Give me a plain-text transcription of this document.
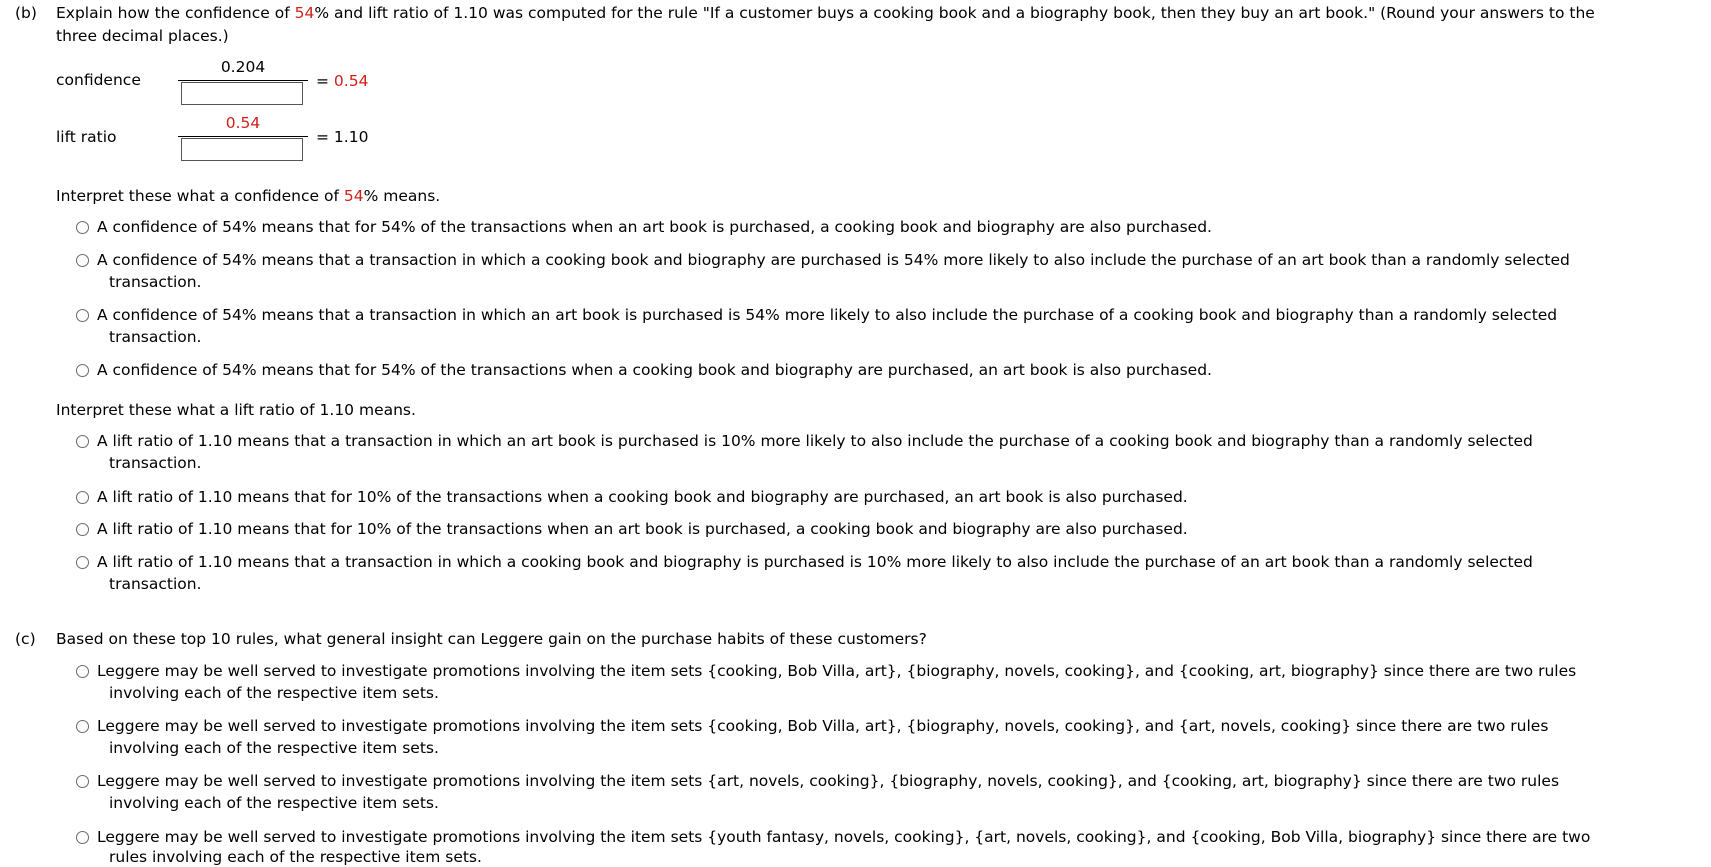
(b) Explain how the confidence of 54% and lift ratio of 1.10 was computed for the rule "If a customer buys a cooking book and a biography book, then they buy an art book." (Round your answers to the
three decimal places.)
confidence
0.204
= 0.54
lift ratio
0.54
= 1.10
Interpret these what a confidence of 54% means.
A confidence of 54% means that for 54% of the transactions when an art book is purchased, a cooking book and biography are also purchased.
A confidence of 54% means that a transaction in which a cooking book and biography are purchased is 54% more likely to also include the purchase of an art book than a randomly selected
transaction.
A confidence of 54% means that a transaction in which an art book is purchased is 54% more likely to also include the purchase of a cooking book and biography than a randomly selected
transaction.
A confidence of 54% means that for 54% of the transactions when a cooking book and biography are purchased, an art book is also purchased.
Interpret these what a lift ratio of 1.10 means.
A lift ratio of 1.10 means that a transaction in which an art book is purchased is 10% more likely to also include the purchase of a cooking book and biography than a randomly selected
transaction.
A lift ratio of 1.10 means that for 10% of the transactions when a cooking book and biography are purchased, an art book is also purchased.
A lift ratio of 1.10 means that for 10% of the transactions when an art book is purchased, a cooking book and biography are also purchased.
A lift ratio of 1.10 means that a transaction in which a cooking book and biography is purchased is 10% more likely to also include the purchase of an art book than a randomly selected
transaction.
(c) Based on these top 10 rules, what general insight can Leggere gain on the purchase habits of these customers?
Leggere may be well served to investigate promotions involving the item sets {cooking, Bob Villa, art}, {biography, novels, cooking}, and {cooking, art, biography} since there are two rules
involving each of the respective item sets.
Leggere may be well served to investigate promotions involving the item sets {cooking, Bob Villa, art}, {biography, novels, cooking}, and {art, novels, cooking} since there are two rules
involving each of the respective item sets.
Leggere may be well served to investigate promotions involving the item sets {art, novels, cooking}, {biography, novels, cooking}, and {cooking, art, biography} since there are two rules
involving each of the respective item sets.
Leggere may be well served to investigate promotions involving the item sets {youth fantasy, novels, cooking}, {art, novels, cooking}, and {cooking, Bob Villa, biography} since there are two
rules involving each of the respective item sets.
